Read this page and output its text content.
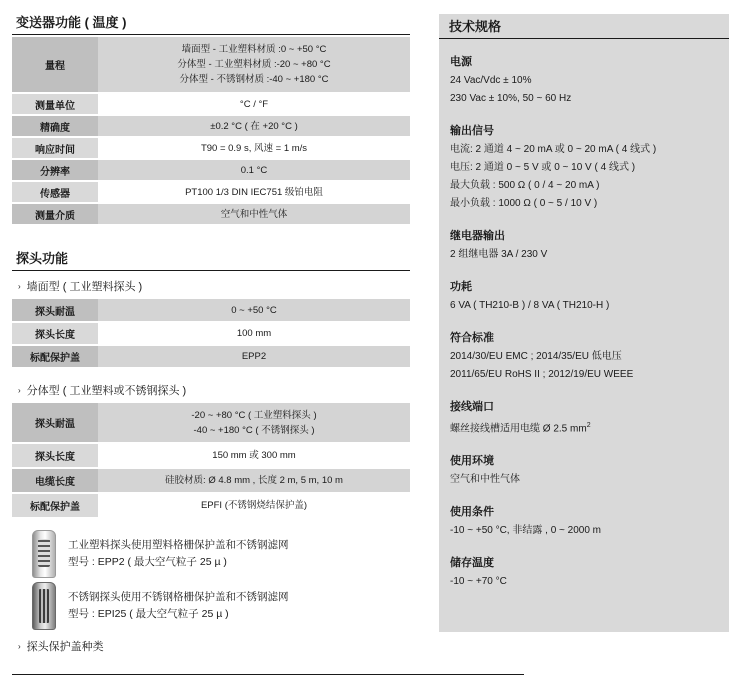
变送器功能 ( 温度 )
量程	墙面型 - 工业塑料材质 :0 ~ +50 °C
分体型 - 工业塑料材质 :-20 ~ +80 °C
分体型 - 不锈钢材质 :-40 ~ +180 °C

测量单位	°C / °F
精确度	±0.2 °C ( 在 +20 °C )
响应时间	T90 = 0.9 s, 风速 = 1 m/s
分辨率	0.1 °C
传感器	PT100 1/3 DIN IEC751 级铂电阻
测量介质	空气和中性气体
探头功能
› 墙面型 ( 工业塑料探头 )
探头耐温	0 ~ +50 °C
探头长度	100 mm
标配保护盖	EPP2
› 分体型 ( 工业塑料或不锈钢探头 )
探头耐温	-20 ~ +80 °C ( 工业塑料探头 )
-40 ~ +180 °C ( 不锈钢探头 )

探头长度	150 mm 或 300 mm
电缆长度	硅胶材质: Ø 4.8 mm , 长度 2 m, 5 m, 10 m
标配保护盖	EPFI (不锈钢烧结保护盖)
工业塑料探头使用塑料格栅保护盖和不锈钢滤网
型号 : EPP2 ( 最大空气粒子 25 µ )
不锈钢探头使用不锈钢格栅保护盖和不锈钢滤网
型号 : EPI25 ( 最大空气粒子 25 µ )
› 探头保护盖种类
技术规格
电源
24 Vac/Vdc ± 10%
230 Vac ± 10%, 50 ~ 60 Hz
输出信号
电流: 2 通道 4 ~ 20 mA 或 0 ~ 20 mA ( 4 线式 )
电压: 2 通道 0 ~ 5 V 或 0 ~ 10 V ( 4 线式 )
最大负载 : 500 Ω ( 0 / 4 ~ 20 mA )
最小负载 : 1000 Ω ( 0 ~ 5 / 10 V )
继电器输出
2 组继电器 3A / 230 V
功耗
6 VA ( TH210-B ) / 8 VA ( TH210-H )
符合标准
2014/30/EU EMC ; 2014/35/EU 低电压
2011/65/EU RoHS II ; 2012/19/EU WEEE
接线端口
螺丝接线槽适用电缆 Ø 2.5 $mm^2$
使用环境
空气和中性气体
使用条件
-10 ~ +50 °C, 非结露 , 0 ~ 2000 m
储存温度
-10 ~ +70 °C
